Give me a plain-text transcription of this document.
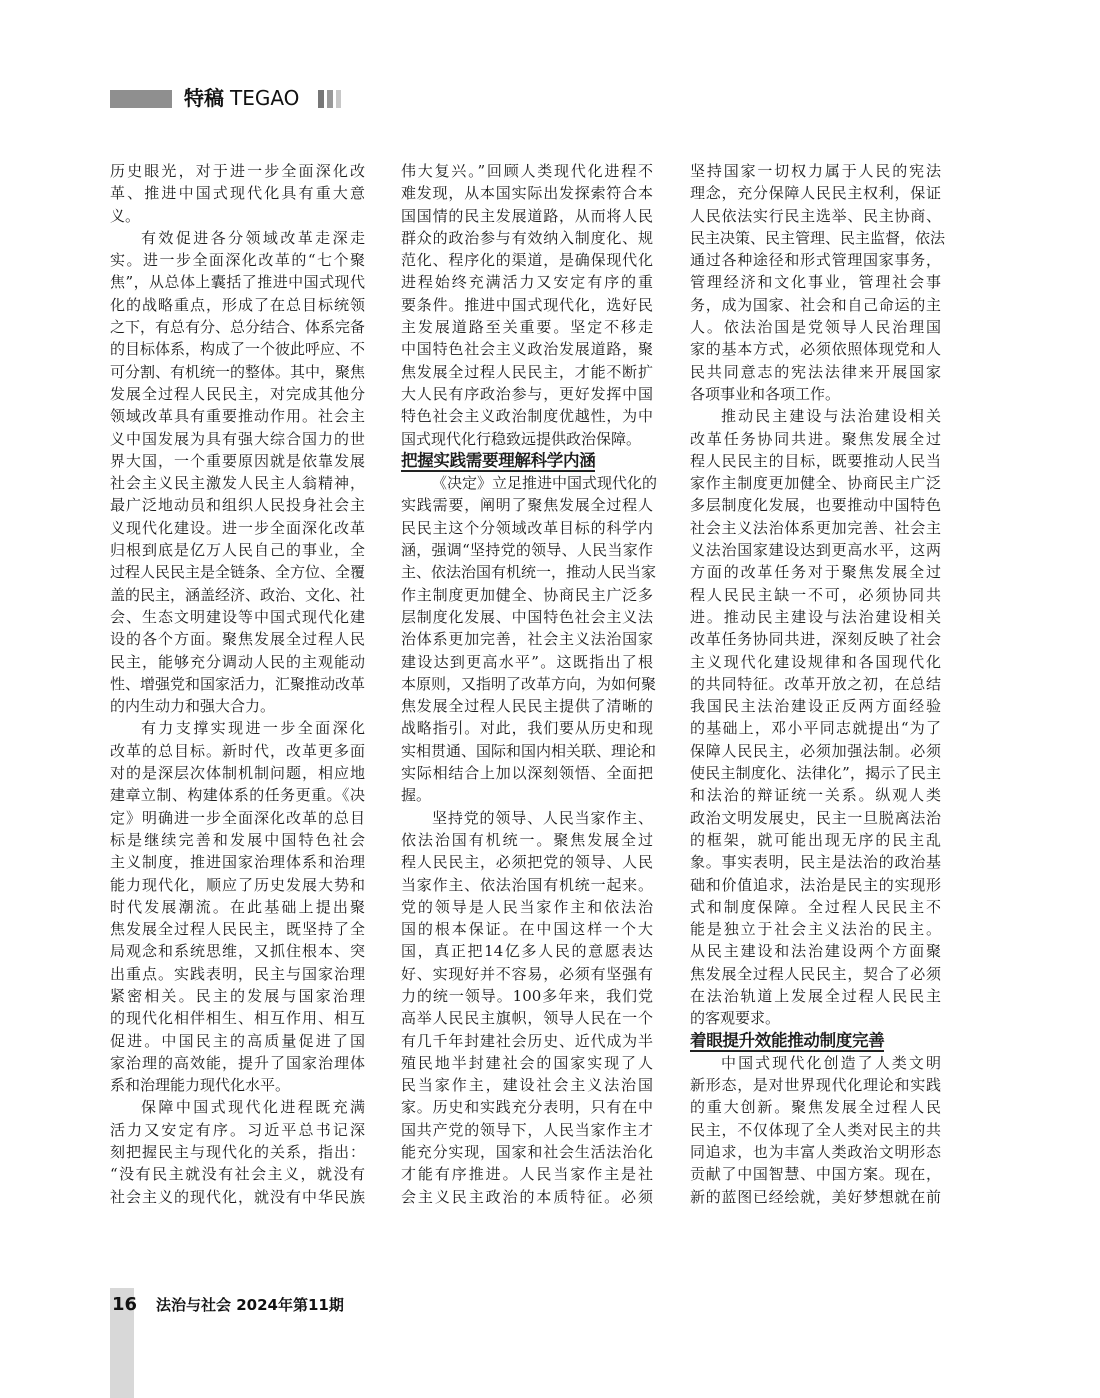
特稿 TEGAO
历史眼光，对于进一步全面深化改
革、推进中国式现代化具有重大意
义。
有效促进各分领域改革走深走
实。进一步全面深化改革的“七个聚
焦”，从总体上囊括了推进中国式现代
化的战略重点，形成了在总目标统领
之下，有总有分、总分结合、体系完备
的目标体系，构成了一个彼此呼应、不
可分割、有机统一的整体。其中，聚焦
发展全过程人民民主，对完成其他分
领域改革具有重要推动作用。社会主
义中国发展为具有强大综合国力的世
界大国，一个重要原因就是依靠发展
社会主义民主激发人民主人翁精神，
最广泛地动员和组织人民投身社会主
义现代化建设。进一步全面深化改革
归根到底是亿万人民自己的事业，全
过程人民民主是全链条、全方位、全覆
盖的民主，涵盖经济、政治、文化、社
会、生态文明建设等中国式现代化建
设的各个方面。聚焦发展全过程人民
民主，能够充分调动人民的主观能动
性、增强党和国家活力，汇聚推动改革
的内生动力和强大合力。
有力支撑实现进一步全面深化
改革的总目标。新时代，改革更多面
对的是深层次体制机制问题，相应地
建章立制、构建体系的任务更重。《决
定》明确进一步全面深化改革的总目
标是继续完善和发展中国特色社会
主义制度，推进国家治理体系和治理
能力现代化，顺应了历史发展大势和
时代发展潮流。在此基础上提出聚
焦发展全过程人民民主，既坚持了全
局观念和系统思维，又抓住根本、突
出重点。实践表明，民主与国家治理
紧密相关。民主的发展与国家治理
的现代化相伴相生、相互作用、相互
促进。中国民主的高质量促进了国
家治理的高效能，提升了国家治理体
系和治理能力现代化水平。
保障中国式现代化进程既充满
活力又安定有序。习近平总书记深
刻把握民主与现代化的关系，指出：
“没有民主就没有社会主义，就没有
社会主义的现代化，就没有中华民族
伟大复兴。”回顾人类现代化进程不
难发现，从本国实际出发探索符合本
国国情的民主发展道路，从而将人民
群众的政治参与有效纳入制度化、规
范化、程序化的渠道，是确保现代化
进程始终充满活力又安定有序的重
要条件。推进中国式现代化，选好民
主发展道路至关重要。坚定不移走
中国特色社会主义政治发展道路，聚
焦发展全过程人民民主，才能不断扩
大人民有序政治参与，更好发挥中国
特色社会主义政治制度优越性，为中
国式现代化行稳致远提供政治保障。
把握实践需要理解科学内涵
《决定》立足推进中国式现代化的
实践需要，阐明了聚焦发展全过程人
民民主这个分领域改革目标的科学内
涵，强调“坚持党的领导、人民当家作
主、依法治国有机统一，推动人民当家
作主制度更加健全、协商民主广泛多
层制度化发展、中国特色社会主义法
治体系更加完善，社会主义法治国家
建设达到更高水平”。这既指出了根
本原则，又指明了改革方向，为如何聚
焦发展全过程人民民主提供了清晰的
战略指引。对此，我们要从历史和现
实相贯通、国际和国内相关联、理论和
实际相结合上加以深刻领悟、全面把
握。
坚持党的领导、人民当家作主、
依法治国有机统一。聚焦发展全过
程人民民主，必须把党的领导、人民
当家作主、依法治国有机统一起来。
党的领导是人民当家作主和依法治
国的根本保证。在中国这样一个大
国，真正把14亿多人民的意愿表达
好、实现好并不容易，必须有坚强有
力的统一领导。100多年来，我们党
高举人民民主旗帜，领导人民在一个
有几千年封建社会历史、近代成为半
殖民地半封建社会的国家实现了人
民当家作主，建设社会主义法治国
家。历史和实践充分表明，只有在中
国共产党的领导下，人民当家作主才
能充分实现，国家和社会生活法治化
才能有序推进。人民当家作主是社
会主义民主政治的本质特征。必须
坚持国家一切权力属于人民的宪法
理念，充分保障人民民主权利，保证
人民依法实行民主选举、民主协商、
民主决策、民主管理、民主监督，依法
通过各种途径和形式管理国家事务，
管理经济和文化事业，管理社会事
务，成为国家、社会和自己命运的主
人。依法治国是党领导人民治理国
家的基本方式，必须依照体现党和人
民共同意志的宪法法律来开展国家
各项事业和各项工作。
推动民主建设与法治建设相关
改革任务协同共进。聚焦发展全过
程人民民主的目标，既要推动人民当
家作主制度更加健全、协商民主广泛
多层制度化发展，也要推动中国特色
社会主义法治体系更加完善、社会主
义法治国家建设达到更高水平，这两
方面的改革任务对于聚焦发展全过
程人民民主缺一不可，必须协同共
进。推动民主建设与法治建设相关
改革任务协同共进，深刻反映了社会
主义现代化建设规律和各国现代化
的共同特征。改革开放之初，在总结
我国民主法治建设正反两方面经验
的基础上，邓小平同志就提出“为了
保障人民民主，必须加强法制。必须
使民主制度化、法律化”，揭示了民主
和法治的辩证统一关系。纵观人类
政治文明发展史，民主一旦脱离法治
的框架，就可能出现无序的民主乱
象。事实表明，民主是法治的政治基
础和价值追求，法治是民主的实现形
式和制度保障。全过程人民民主不
能是独立于社会主义法治的民主。
从民主建设和法治建设两个方面聚
焦发展全过程人民民主，契合了必须
在法治轨道上发展全过程人民民主
的客观要求。
着眼提升效能推动制度完善
中国式现代化创造了人类文明
新形态，是对世界现代化理论和实践
的重大创新。聚焦发展全过程人民
民主，不仅体现了全人类对民主的共
同追求，也为丰富人类政治文明形态
贡献了中国智慧、中国方案。现在，
新的蓝图已经绘就，美好梦想就在前
16 法治与社会 2024年第11期
